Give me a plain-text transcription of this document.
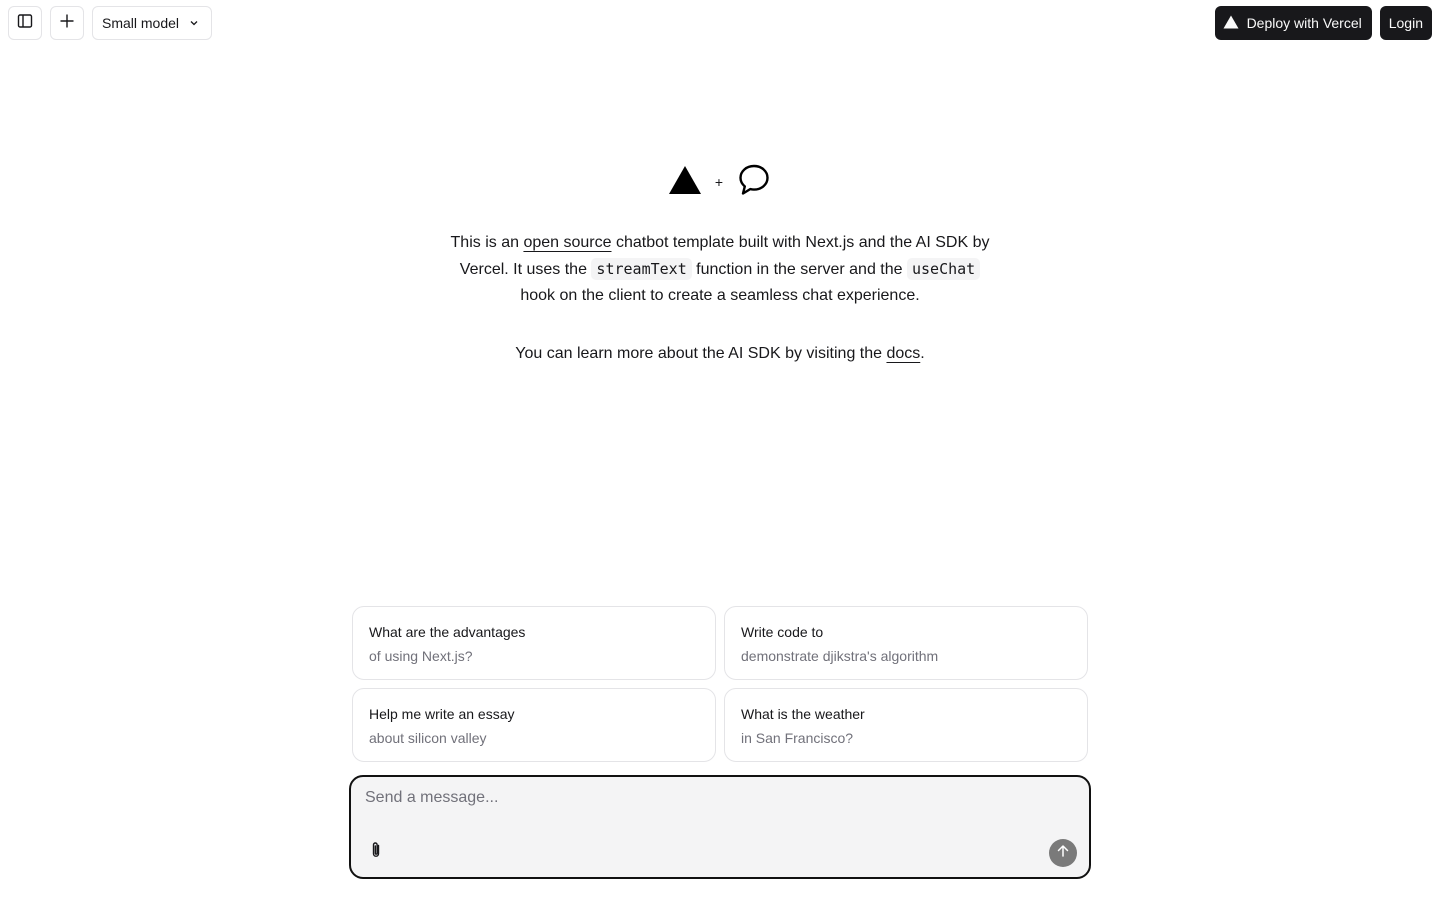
Small model	Deploy with Vercel Login
+

This is an open source chatbot template built with Next.js and the AI SDK by Vercel. It uses the streamText function in the server and the useChat hook on the client to create a seamless chat experience.

You can learn more about the AI SDK by visiting the docs.

What are the advantages
of using Next.js?
Write code to
demonstrate djikstra's algorithm
Help me write an essay
about silicon valley
What is the weather
in San Francisco?
Send a message...
